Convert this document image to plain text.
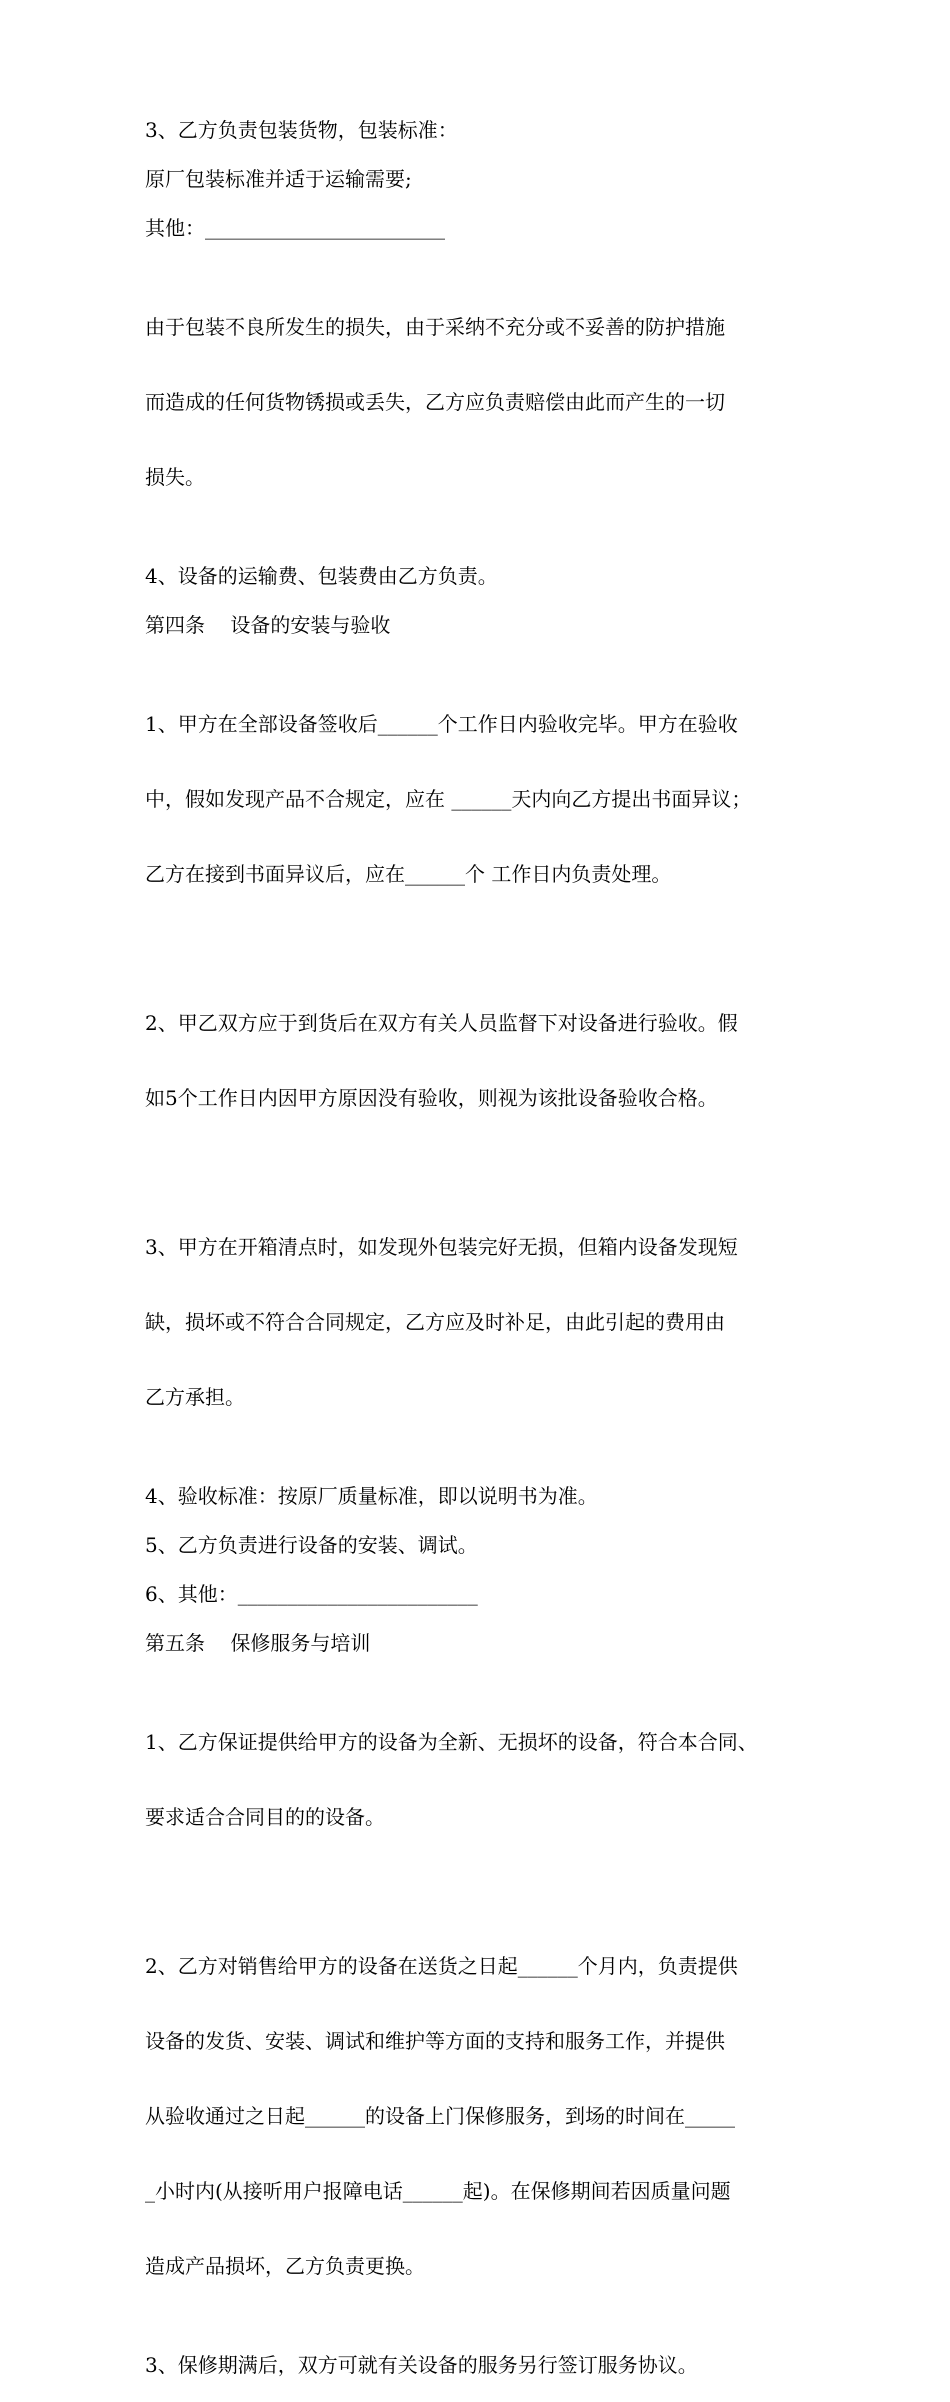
3、乙方负责包装货物，包装标准：
原厂包装标准并适于运输需要;
其他：________________________

由于包装不良所发生的损失，由于采纳不充分或不妥善的防护措施

而造成的任何货物锈损或丢失，乙方应负责赔偿由此而产生的一切

损失。

4、设备的运输费、包装费由乙方负责。
第四条    设备的安装与验收

1、甲方在全部设备签收后______个工作日内验收完毕。甲方在验收

中，假如发现产品不合规定，应在 ______天内向乙方提出书面异议；

乙方在接到书面异议后，应在______个 工作日内负责处理。

2、甲乙双方应于到货后在双方有关人员监督下对设备进行验收。假

如5个工作日内因甲方原因没有验收，则视为该批设备验收合格。

3、甲方在开箱清点时，如发现外包装完好无损，但箱内设备发现短

缺，损坏或不符合合同规定，乙方应及时补足，由此引起的费用由

乙方承担。

4、验收标准：按原厂质量标准，即以说明书为准。
5、乙方负责进行设备的安装、调试。
6、其他：________________________
第五条    保修服务与培训

1、乙方保证提供给甲方的设备为全新、无损坏的设备，符合本合同、

要求适合合同目的的设备。

2、乙方对销售给甲方的设备在送货之日起______个月内，负责提供

设备的发货、安装、调试和维护等方面的支持和服务工作，并提供

从验收通过之日起______的设备上门保修服务，到场的时间在_____

_小时内(从接听用户报障电话______起)。在保修期间若因质量问题

造成产品损坏，乙方负责更换。

3、保修期满后，双方可就有关设备的服务另行签订服务协议。
